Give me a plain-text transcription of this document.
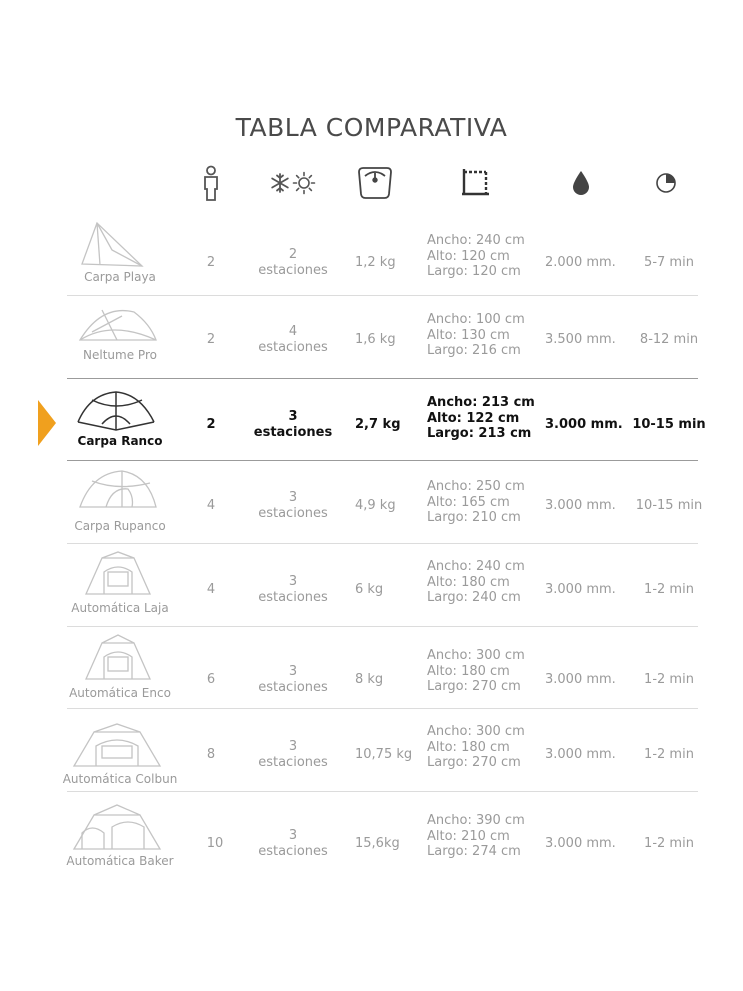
TABLA COMPARATIVA
Carpa Playa
2
2
estaciones	1,2 kg
Ancho: 240 cm
Alto: 120 cm
Largo: 120 cm
2.000 mm.	5-7 min
Neltume Pro
2
4
estaciones	1,6 kg
Ancho: 100 cm
Alto: 130 cm
Largo: 216 cm
3.500 mm.	8-12 min
Carpa Ranco
2
3
estaciones	2,7 kg
Ancho: 213 cm
Alto: 122 cm
Largo: 213 cm
3.000 mm. 10-15 min
Carpa Rupanco
4
3
estaciones	4,9 kg
Ancho: 250 cm
Alto: 165 cm
Largo: 210 cm
3.000 mm.	10-15 min
Automática Laja
4
3
estaciones	6 kg
Ancho: 240 cm
Alto: 180 cm
Largo: 240 cm
3.000 mm.	1-2 min
Automática Enco
6
3
estaciones	8 kg
Ancho: 300 cm
Alto: 180 cm
Largo: 270 cm	3.000 mm.	1-2 min
Automática Colbun
8
3
estaciones	10,75 kg
Ancho: 300 cm
Alto: 180 cm
Largo: 270 cm
3.000 mm.	1-2 min
Automática Baker
10
3
estaciones	15,6kg
Ancho: 390 cm
Alto: 210 cm
Largo: 274 cm
3.000 mm.	1-2 min
